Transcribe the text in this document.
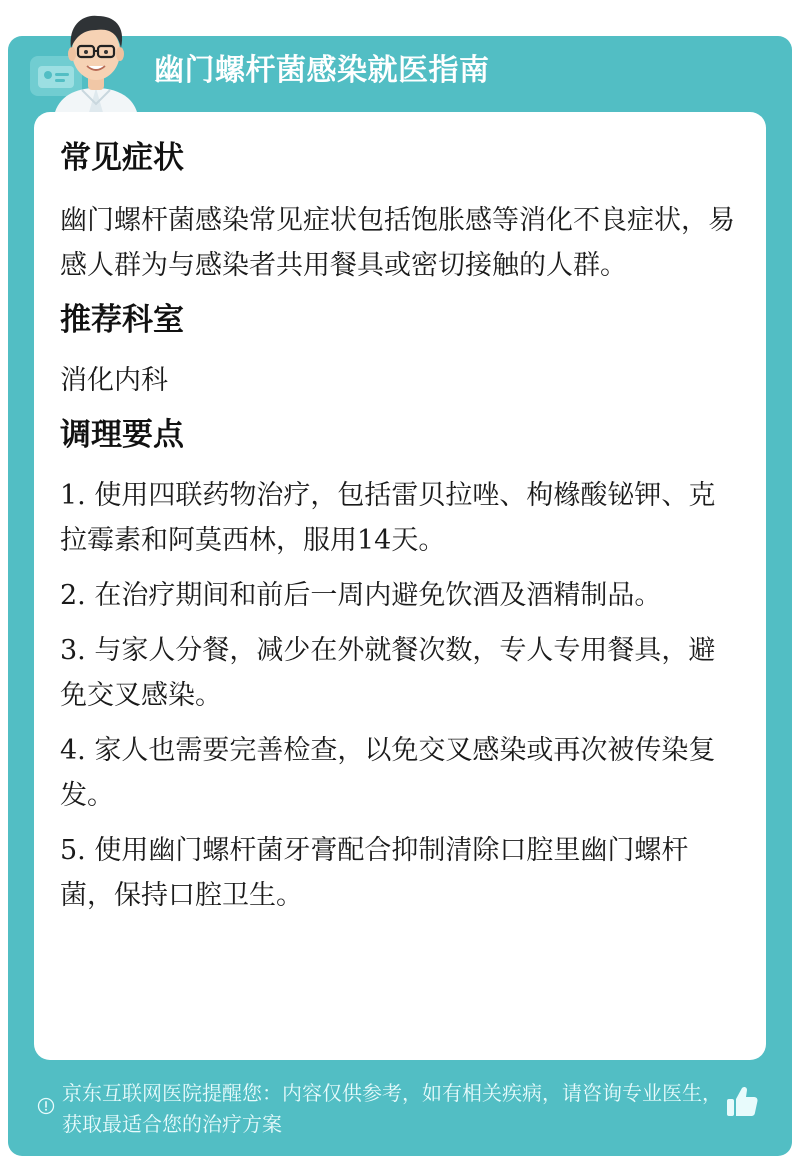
幽门螺杆菌感染就医指南
常见症状

幽门螺杆菌感染常见症状包括饱胀感等消化不良症状，易感人群为与感染者共用餐具或密切接触的人群。

推荐科室

消化内科

调理要点
1. 使用四联药物治疗，包括雷贝拉唑、枸橼酸铋钾、克拉霉素和阿莫西林，服用14天。
2. 在治疗期间和前后一周内避免饮酒及酒精制品。
3. 与家人分餐，减少在外就餐次数，专人专用餐具，避免交叉感染。
4. 家人也需要完善检查，以免交叉感染或再次被传染复发。
5. 使用幽门螺杆菌牙膏配合抑制清除口腔里幽门螺杆菌，保持口腔卫生。
京东互联网医院提醒您：内容仅供参考，如有相关疾病，请咨询专业医生，获取最适合您的治疗方案
